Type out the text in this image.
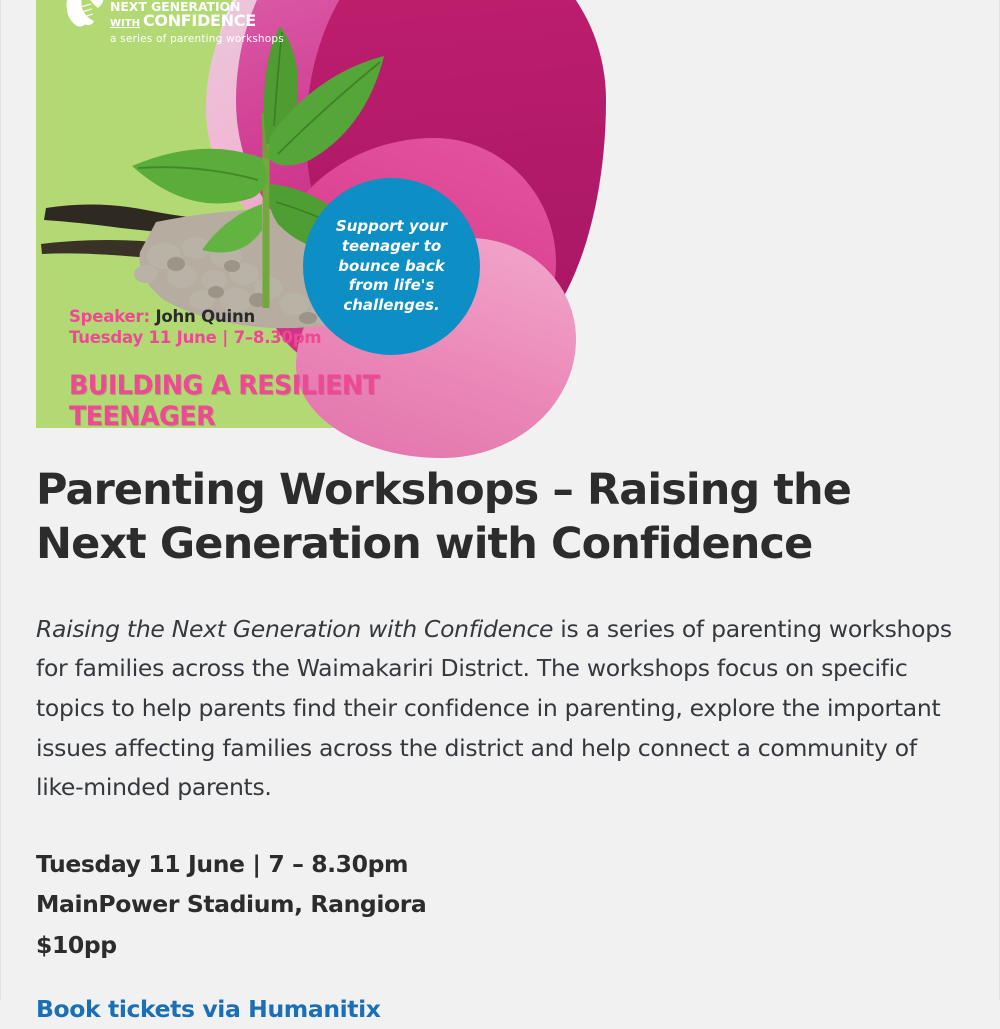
NEXT GENERATION
WITH CONFIDENCE
a series of parenting workshops
Support your teenager to bounce back from life's challenges.
Speaker: John Quinn
Tuesday 11 June | 7–8.30pm
BUILDING A RESILIENT TEENAGER
Parenting Workshops – Raising the Next Generation with Confidence

Raising the Next Generation with Confidence is a series of parenting workshops for families across the Waimakariri District. The workshops focus on specific topics to help parents find their confidence in parenting, explore the important issues affecting families across the district and help connect a community of like-minded parents.

Tuesday 11 June | 7 – 8.30pm
MainPower Stadium, Rangiora
$10pp

Book tickets via Humanitix
